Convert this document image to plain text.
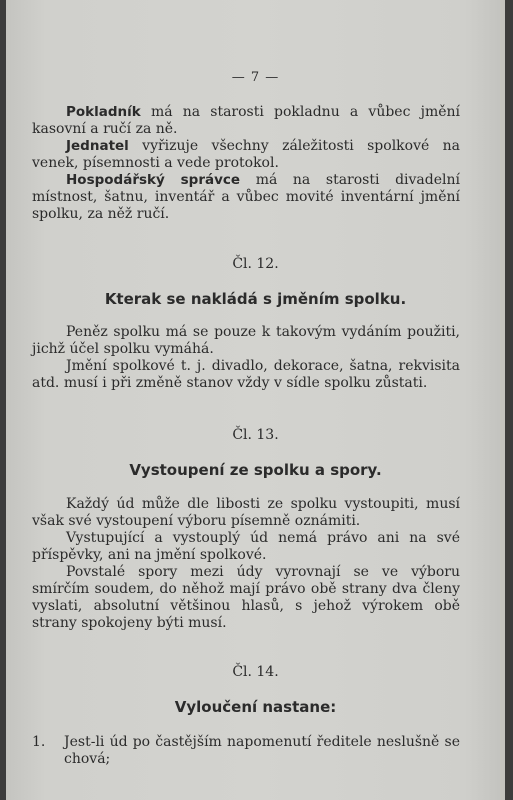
— 7 —

Pokladník má na starosti pokladnu a vůbec jmění kasovní a ručí za ně.

Jednatel vyřizuje všechny záležitosti spolkové na venek, písemnosti a vede protokol.

Hospodářský správce má na starosti divadelní místnost, šatnu, inventář a vůbec movité inventární jmění spolku, za něž ručí.

Čl. 12.
Kterak se nakládá s jměním spolku.

Peněz spolku má se pouze k takovým vydáním použiti, jichž účel spolku vymáhá.

Jmění spolkové t. j. divadlo, dekorace, šatna, rekvisita atd. musí i při změně stanov vždy v sídle spolku zůstati.

Čl. 13.
Vystoupení ze spolku a spory.

Každý úd může dle libosti ze spolku vystoupiti, musí však své vystoupení výboru písemně oznámiti.

Vystupující a vystouplý úd nemá právo ani na své příspěvky, ani na jmění spolkové.

Povstalé spory mezi údy vyrovnají se ve výboru smírčím soudem, do něhož mají právo obě strany dva členy vyslati, absolutní většinou hlasů, s jehož výrokem obě strany spokojeny býti musí.

Čl. 14.
Vyloučení nastane:
1. Jest-li úd po častějším napomenutí ředitele neslušně se chová;
